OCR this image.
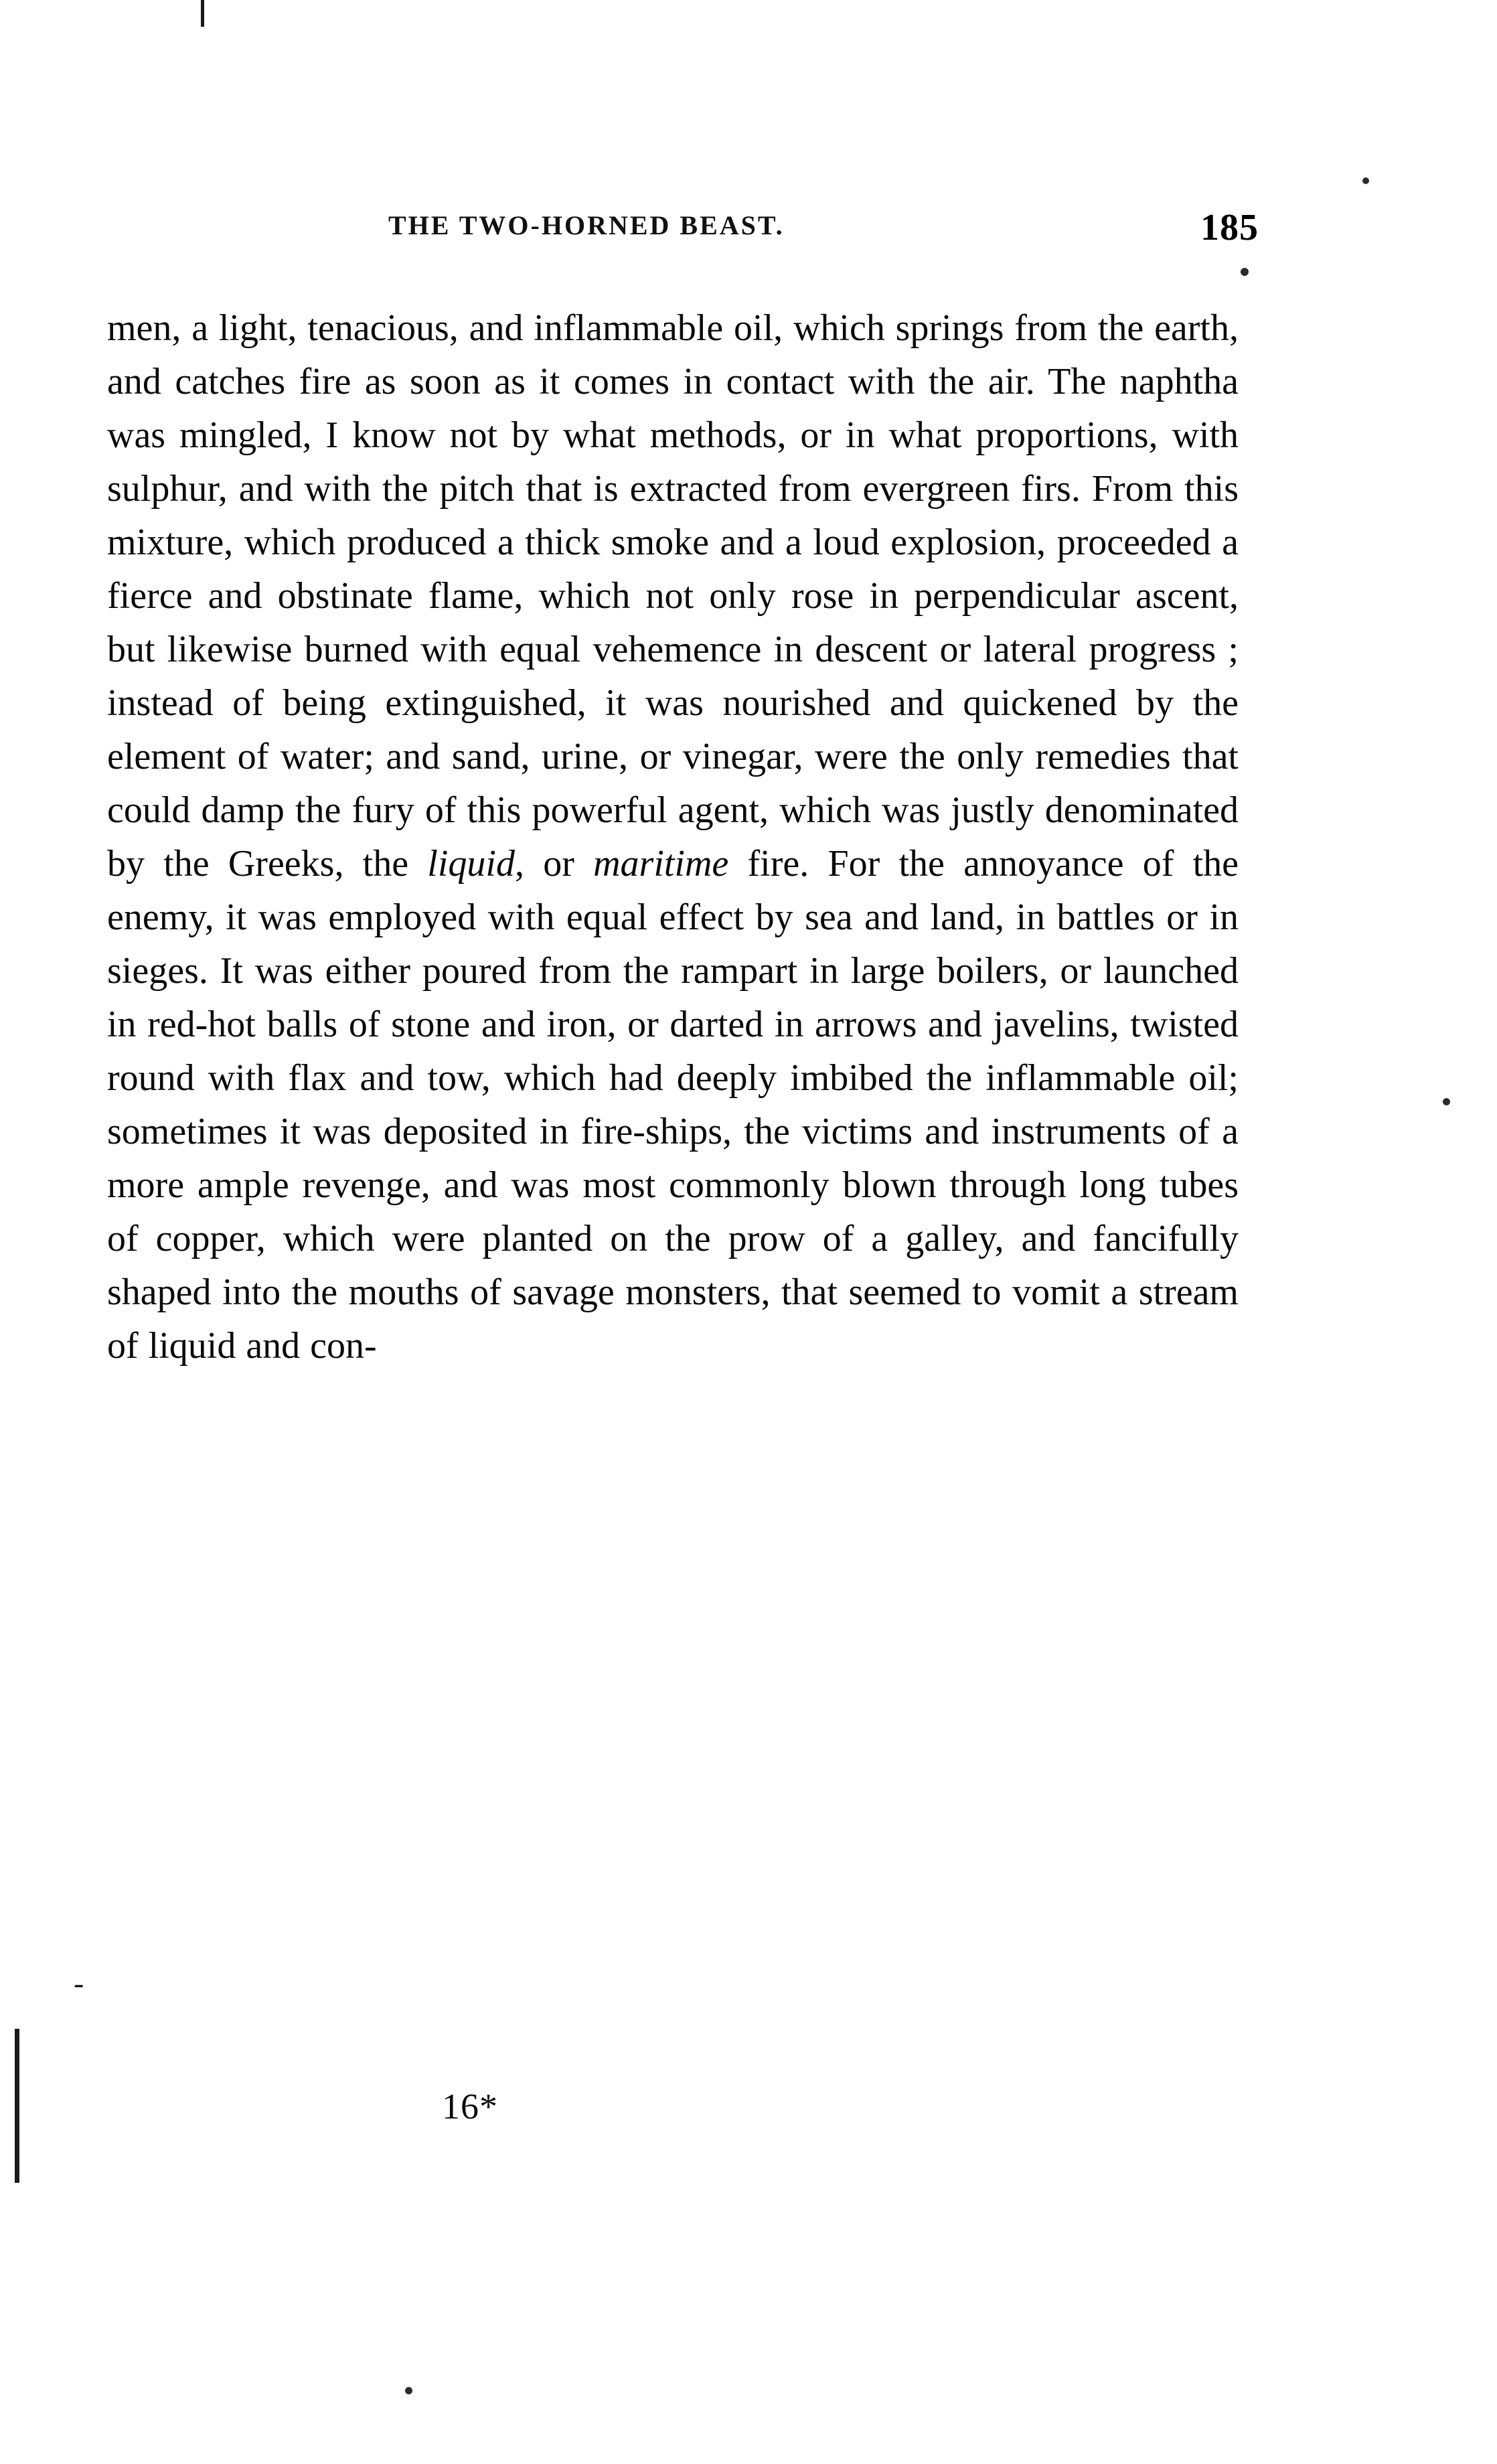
THE TWO-HORNED BEAST.	185

men, a light, tenacious, and inflammable oil, which springs from the earth, and catches fire as soon as it comes in contact with the air. The naphtha was mingled, I know not by what methods, or in what proportions, with sulphur, and with the pitch that is extracted from evergreen firs. From this mixture, which produced a thick smoke and a loud explosion, proceeded a fierce and obstinate flame, which not only rose in perpendicular ascent, but likewise burned with equal vehemence in descent or lateral progress ; instead of being extinguished, it was nourished and quickened by the element of water; and sand, urine, or vinegar, were the only remedies that could damp the fury of this powerful agent, which was justly denominated by the Greeks, the liquid, or maritime fire. For the annoyance of the enemy, it was employed with equal effect by sea and land, in battles or in sieges. It was either poured from the rampart in large boilers, or launched in red-hot balls of stone and iron, or darted in arrows and javelins, twisted round with flax and tow, which had deeply imbibed the inflammable oil; sometimes it was deposited in fire-ships, the victims and instruments of a more ample revenge, and was most commonly blown through long tubes of copper, which were planted on the prow of a galley, and fancifully shaped into the mouths of savage monsters, that seemed to vomit a stream of liquid and con-

16*
-
